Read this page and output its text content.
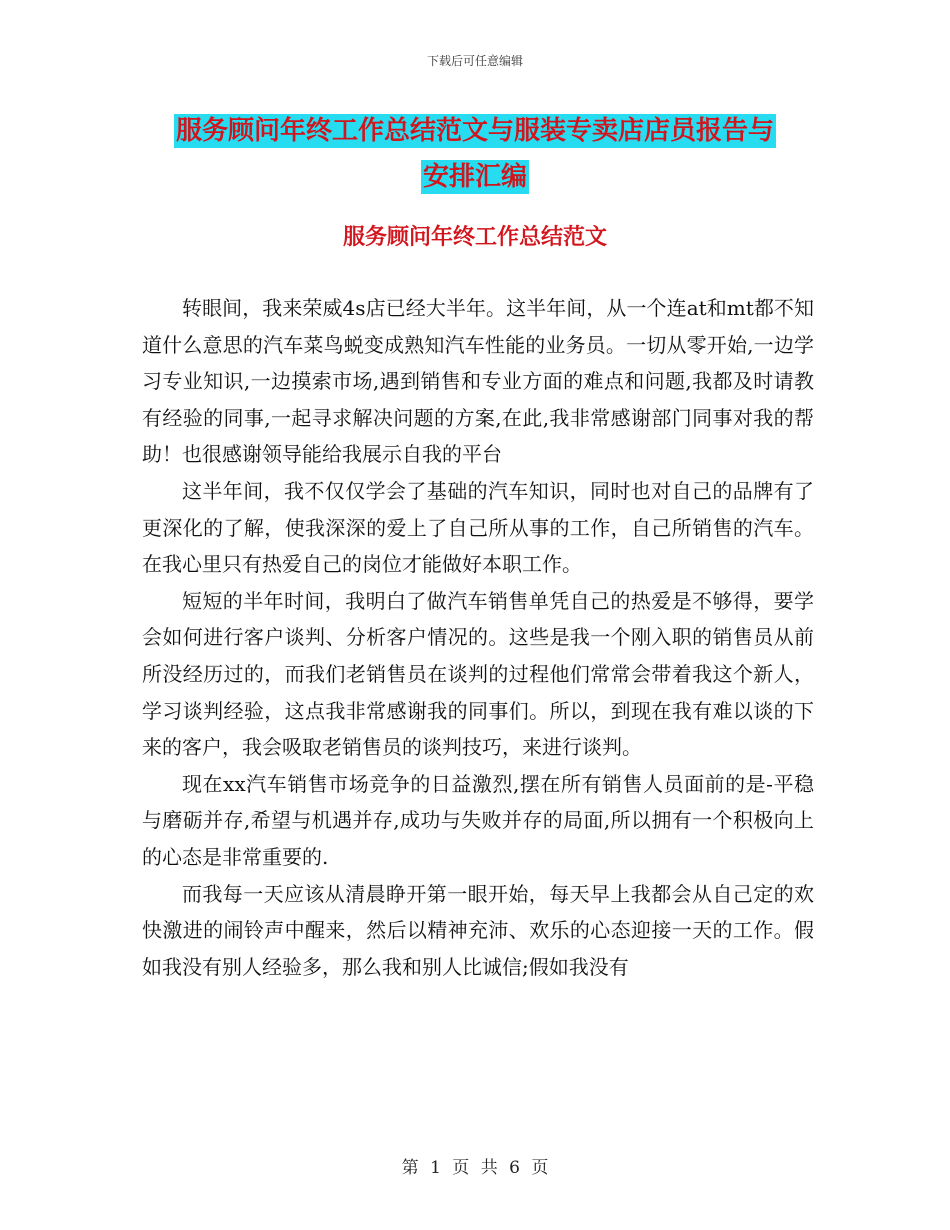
下载后可任意编辑
服务顾问年终工作总结范文与服装专卖店店员报告与
安排汇编
服务顾问年终工作总结范文

转眼间，我来荣威4s店已经大半年。这半年间，从一个连at和mt都不知道什么意思的汽车菜鸟蜕变成熟知汽车性能的业务员。一切从零开始,一边学习专业知识,一边摸索市场,遇到销售和专业方面的难点和问题,我都及时请教有经验的同事,一起寻求解决问题的方案,在此,我非常感谢部门同事对我的帮助！也很感谢领导能给我展示自我的平台

这半年间，我不仅仅学会了基础的汽车知识，同时也对自己的品牌有了更深化的了解，使我深深的爱上了自己所从事的工作，自己所销售的汽车。在我心里只有热爱自己的岗位才能做好本职工作。

短短的半年时间，我明白了做汽车销售单凭自己的热爱是不够得，要学会如何进行客户谈判、分析客户情况的。这些是我一个刚入职的销售员从前所没经历过的，而我们老销售员在谈判的过程他们常常会带着我这个新人，学习谈判经验，这点我非常感谢我的同事们。所以，到现在我有难以谈的下来的客户，我会吸取老销售员的谈判技巧，来进行谈判。

现在xx汽车销售市场竞争的日益激烈,摆在所有销售人员面前的是-平稳与磨砺并存,希望与机遇并存,成功与失败并存的局面,所以拥有一个积极向上的心态是非常重要的.

而我每一天应该从清晨睁开第一眼开始，每天早上我都会从自己定的欢快激进的闹铃声中醒来，然后以精神充沛、欢乐的心态迎接一天的工作。假如我没有别人经验多，那么我和别人比诚信;假如我没有

第 1 页 共 6 页
